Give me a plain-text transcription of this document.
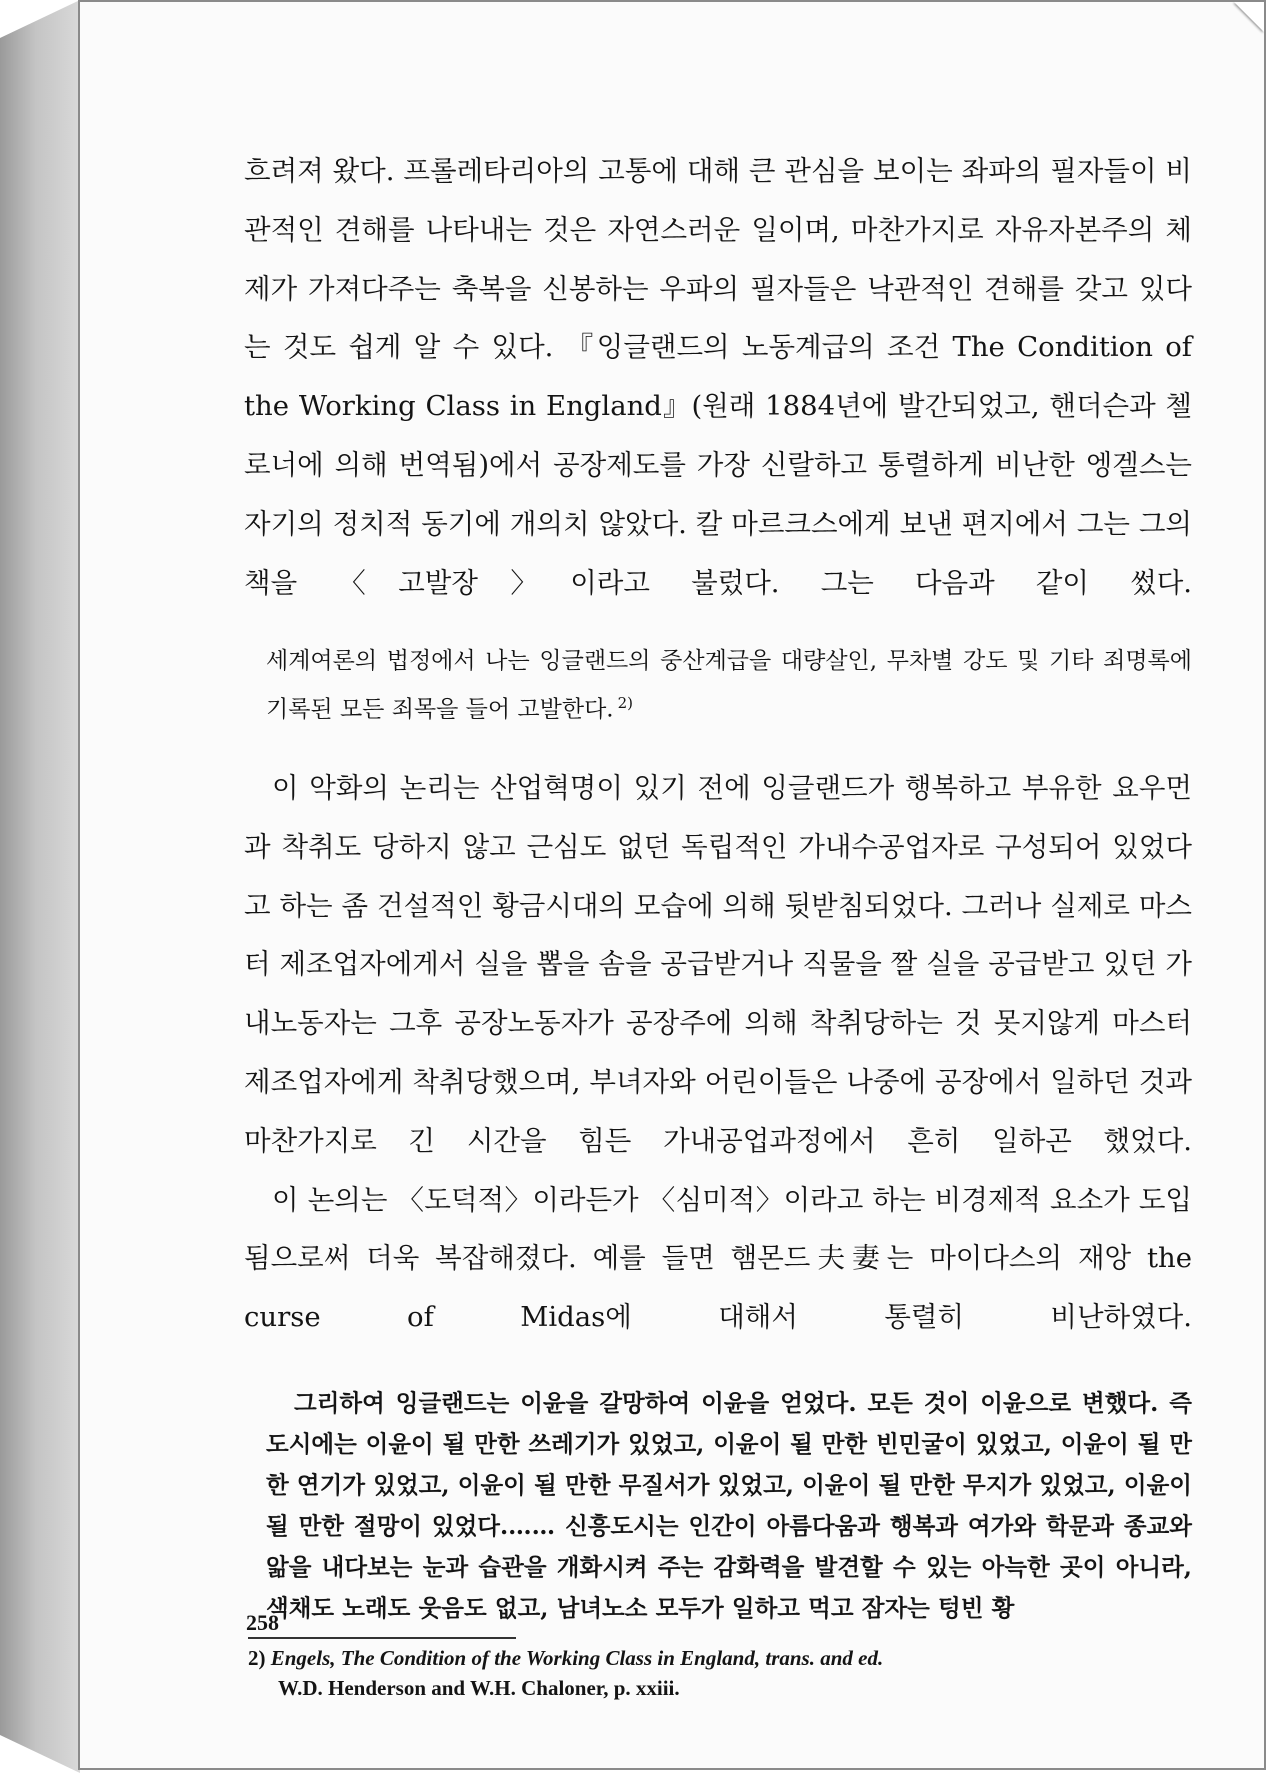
흐려져 왔다. 프롤레타리아의 고통에 대해 큰 관심을 보이는 좌파의 필자들이 비관적인 견해를 나타내는 것은 자연스러운 일이며, 마찬가지로 자유자본주의 체제가 가져다주는 축복을 신봉하는 우파의 필자들은 낙관적인 견해를 갖고 있다는 것도 쉽게 알 수 있다. 『잉글랜드의 노동계급의 조건 The Condition of the Working Class in England』(원래 1884년에 발간되었고, 핸더슨과 첼로너에 의해 번역됨)에서 공장제도를 가장 신랄하고 통렬하게 비난한 엥겔스는 자기의 정치적 동기에 개의치 않았다. 칼 마르크스에게 보낸 편지에서 그는 그의 책을 〈고발장〉이라고 불렀다. 그는 다음과 같이 썼다.

세계여론의 법정에서 나는 잉글랜드의 중산계급을 대량살인, 무차별 강도 및 기타 죄명록에 기록된 모든 죄목을 들어 고발한다. $^{2)}$

이 악화의 논리는 산업혁명이 있기 전에 잉글랜드가 행복하고 부유한 요우먼과 착취도 당하지 않고 근심도 없던 독립적인 가내수공업자로 구성되어 있었다고 하는 좀 건설적인 황금시대의 모습에 의해 뒷받침되었다. 그러나 실제로 마스터 제조업자에게서 실을 뽑을 솜을 공급받거나 직물을 짤 실을 공급받고 있던 가내노동자는 그후 공장노동자가 공장주에 의해 착취당하는 것 못지않게 마스터 제조업자에게 착취당했으며, 부녀자와 어린이들은 나중에 공장에서 일하던 것과 마찬가지로 긴 시간을 힘든 가내공업과정에서 흔히 일하곤 했었다.

이 논의는 〈도덕적〉이라든가 〈심미적〉이라고 하는 비경제적 요소가 도입됨으로써 더욱 복잡해졌다. 예를 들면 햄몬드夫妻는 마이다스의 재앙 the curse of Midas에 대해서 통렬히 비난하였다.

그리하여 잉글랜드는 이윤을 갈망하여 이윤을 얻었다. 모든 것이 이윤으로 변했다. 즉 도시에는 이윤이 될 만한 쓰레기가 있었고, 이윤이 될 만한 빈민굴이 있었고, 이윤이 될 만한 연기가 있었고, 이윤이 될 만한 무질서가 있었고, 이윤이 될 만한 무지가 있었고, 이윤이 될 만한 절망이 있었다.…… 신흥도시는 인간이 아름다움과 행복과 여가와 학문과 종교와 앎을 내다보는 눈과 습관을 개화시켜 주는 감화력을 발견할 수 있는 아늑한 곳이 아니라, 색채도 노래도 웃음도 없고, 남녀노소 모두가 일하고 먹고 잠자는 텅빈 황

2) Engels, The Condition of the Working Class in England, trans. and ed.
W.D. Henderson and W.H. Chaloner, p. xxiii.
258
